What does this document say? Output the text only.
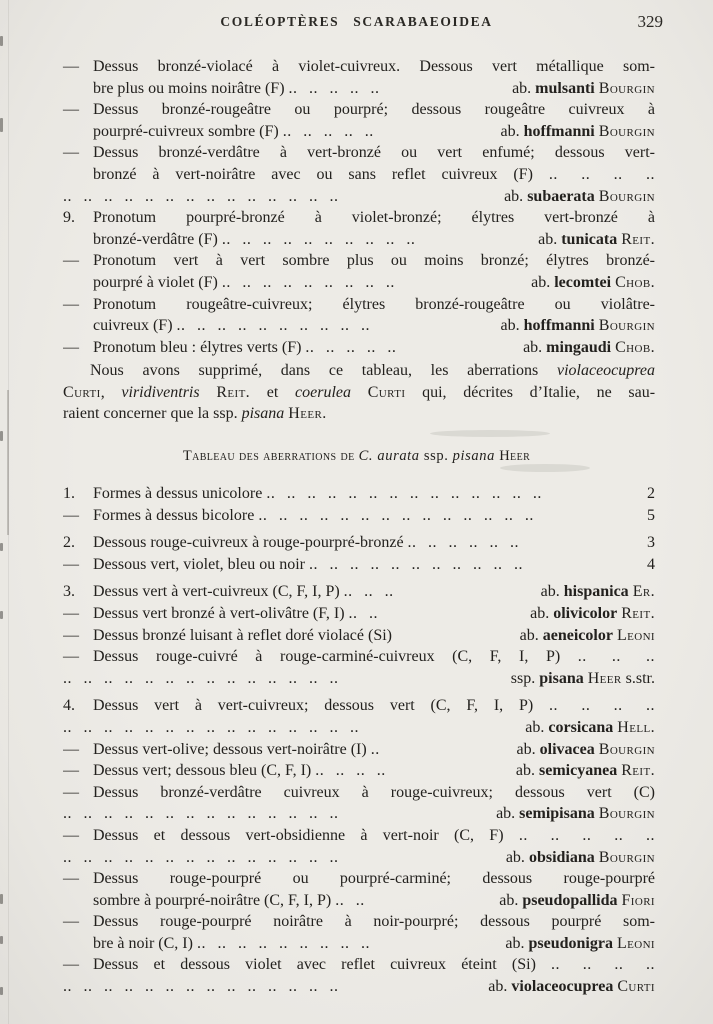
COLÉOPTÈRES SCARABAEOIDEA	329
— Dessus bronzé-violacé à violet-cuivreux. Dessous vert métallique som-
bre plus ou moins noirâtre (F) .. .. .. .. ..	ab. mulsanti Bourgin
— Dessus bronzé-rougeâtre ou pourpré; dessous rougeâtre cuivreux à
pourpré-cuivreux sombre (F) .. .. .. .. ..	ab. hoffmanni Bourgin
— Dessus bronzé-verdâtre à vert-bronzé ou vert enfumé; dessous vert-
bronzé à vert-noirâtre avec ou sans reflet cuivreux (F) .. .. .. ..
.. .. .. .. .. .. .. .. .. .. .. .. .. ..	ab. subaerata Bourgin
9. Pronotum pourpré-bronzé à violet-bronzé; élytres vert-bronzé à
bronzé-verdâtre (F) .. .. .. .. .. .. .. .. .. ..	ab. tunicata Reit.
— Pronotum vert à vert sombre plus ou moins bronzé; élytres bronzé-
pourpré à violet (F) .. .. .. .. .. .. .. .. ..	ab. lecomtei Chob.
— Pronotum rougeâtre-cuivreux; élytres bronzé-rougeâtre ou violâtre-
cuivreux (F) .. .. .. .. .. .. .. .. .. ..	ab. hoffmanni Bourgin
— Pronotum bleu : élytres verts (F) .. .. .. .. ..	ab. mingaudi Chob.
Nous avons supprimé, dans ce tableau, les aberrations violaceocuprea
Curti, viridiventris Reit. et coerulea Curti qui, décrites d’Italie, ne sau-
raient concerner que la ssp. pisana Heer.
Tableau des aberrations de C. aurata ssp. pisana Heer
1. Formes à dessus unicolore .. .. .. .. .. .. .. .. .. .. .. .. .. ..	2
— Formes à dessus bicolore .. .. .. .. .. .. .. .. .. .. .. .. .. ..	5
2. Dessous rouge-cuivreux à rouge-pourpré-bronzé .. .. .. .. .. ..	3
— Dessous vert, violet, bleu ou noir .. .. .. .. .. .. .. .. .. .. ..	4
3. Dessus vert à vert-cuivreux (C, F, I, P) .. .. ..	ab. hispanica Er.
— Dessus vert bronzé à vert-olivâtre (F, I) .. ..	ab. olivicolor Reit.
— Dessus bronzé luisant à reflet doré violacé (Si)	ab. aeneicolor Leoni
— Dessus rouge-cuivré à rouge-carminé-cuivreux (C, F, I, P) .. .. ..
.. .. .. .. .. .. .. .. .. .. .. .. .. ..	ssp. pisana Heer s.str.
4. Dessus vert à vert-cuivreux; dessous vert (C, F, I, P) .. .. .. ..
.. .. .. .. .. .. .. .. .. .. .. .. .. .. ..	ab. corsicana Hell.
— Dessus vert-olive; dessous vert-noirâtre (I) ..	ab. olivacea Bourgin
— Dessus vert; dessous bleu (C, F, I) .. .. .. ..	ab. semicyanea Reit.
— Dessus bronzé-verdâtre cuivreux à rouge-cuivreux; dessous vert (C)
.. .. .. .. .. .. .. .. .. .. .. .. .. ..	ab. semipisana Bourgin
— Dessus et dessous vert-obsidienne à vert-noir (C, F) .. .. .. .. ..
.. .. .. .. .. .. .. .. .. .. .. .. .. ..	ab. obsidiana Bourgin
— Dessus rouge-pourpré ou pourpré-carminé; dessous rouge-pourpré
sombre à pourpré-noirâtre (C, F, I, P) .. ..	ab. pseudopallida Fiori
— Dessus rouge-pourpré noirâtre à noir-pourpré; dessous pourpré som-
bre à noir (C, I) .. .. .. .. .. .. .. .. ..	ab. pseudonigra Leoni
— Dessus et dessous violet avec reflet cuivreux éteint (Si) .. .. .. ..
.. .. .. .. .. .. .. .. .. .. .. .. .. ..	ab. violaceocuprea Curti
